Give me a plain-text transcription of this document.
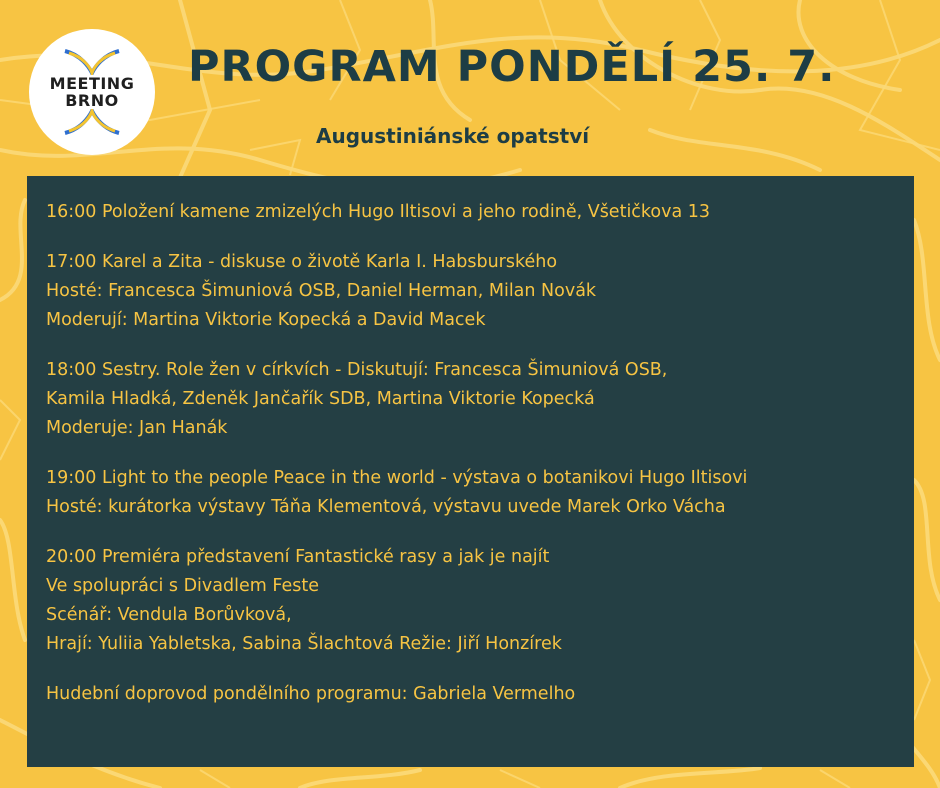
MEETING
BRNO
PROGRAM PONDĚLÍ 25. 7.
Augustiniánské opatství
16:00 Položení kamene zmizelých Hugo Iltisovi a jeho rodině, Všetičkova 13
17:00 Karel a Zita - diskuse o životě Karla I. Habsburského
Hosté: Francesca Šimuniová OSB, Daniel Herman, Milan Novák
Moderují: Martina Viktorie Kopecká a David Macek
18:00 Sestry. Role žen v církvích - Diskutují: Francesca Šimuniová OSB,
Kamila Hladká, Zdeněk Jančařík SDB, Martina Viktorie Kopecká
Moderuje: Jan Hanák
19:00 Light to the people Peace in the world - výstava o botanikovi Hugo Iltisovi
Hosté: kurátorka výstavy Táňa Klementová, výstavu uvede Marek Orko Vácha
20:00 Premiéra představení Fantastické rasy a jak je najít
Ve spolupráci s Divadlem Feste
Scénář: Vendula Borůvková,
Hrají: Yuliia Yabletska, Sabina Šlachtová Režie: Jiří Honzírek
Hudební doprovod pondělního programu: Gabriela Vermelho
